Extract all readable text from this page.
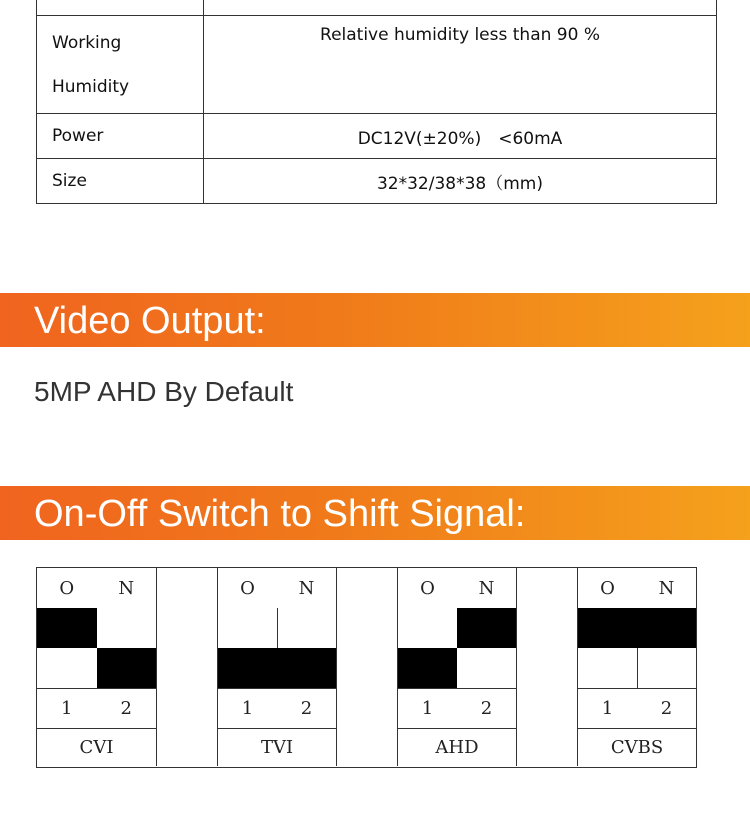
Working
Humidity	Relative humidity less than 90 %
Power	DC12V(±20%)　<60mA
Size	32*32/38*38（mm)
Video Output:
5MP AHD By Default
On-Off Switch to Shift Signal:
O	N
1	2
CVI
O	N
1	2
TVI
O	N
1	2
AHD
O	N
1	2
CVBS
